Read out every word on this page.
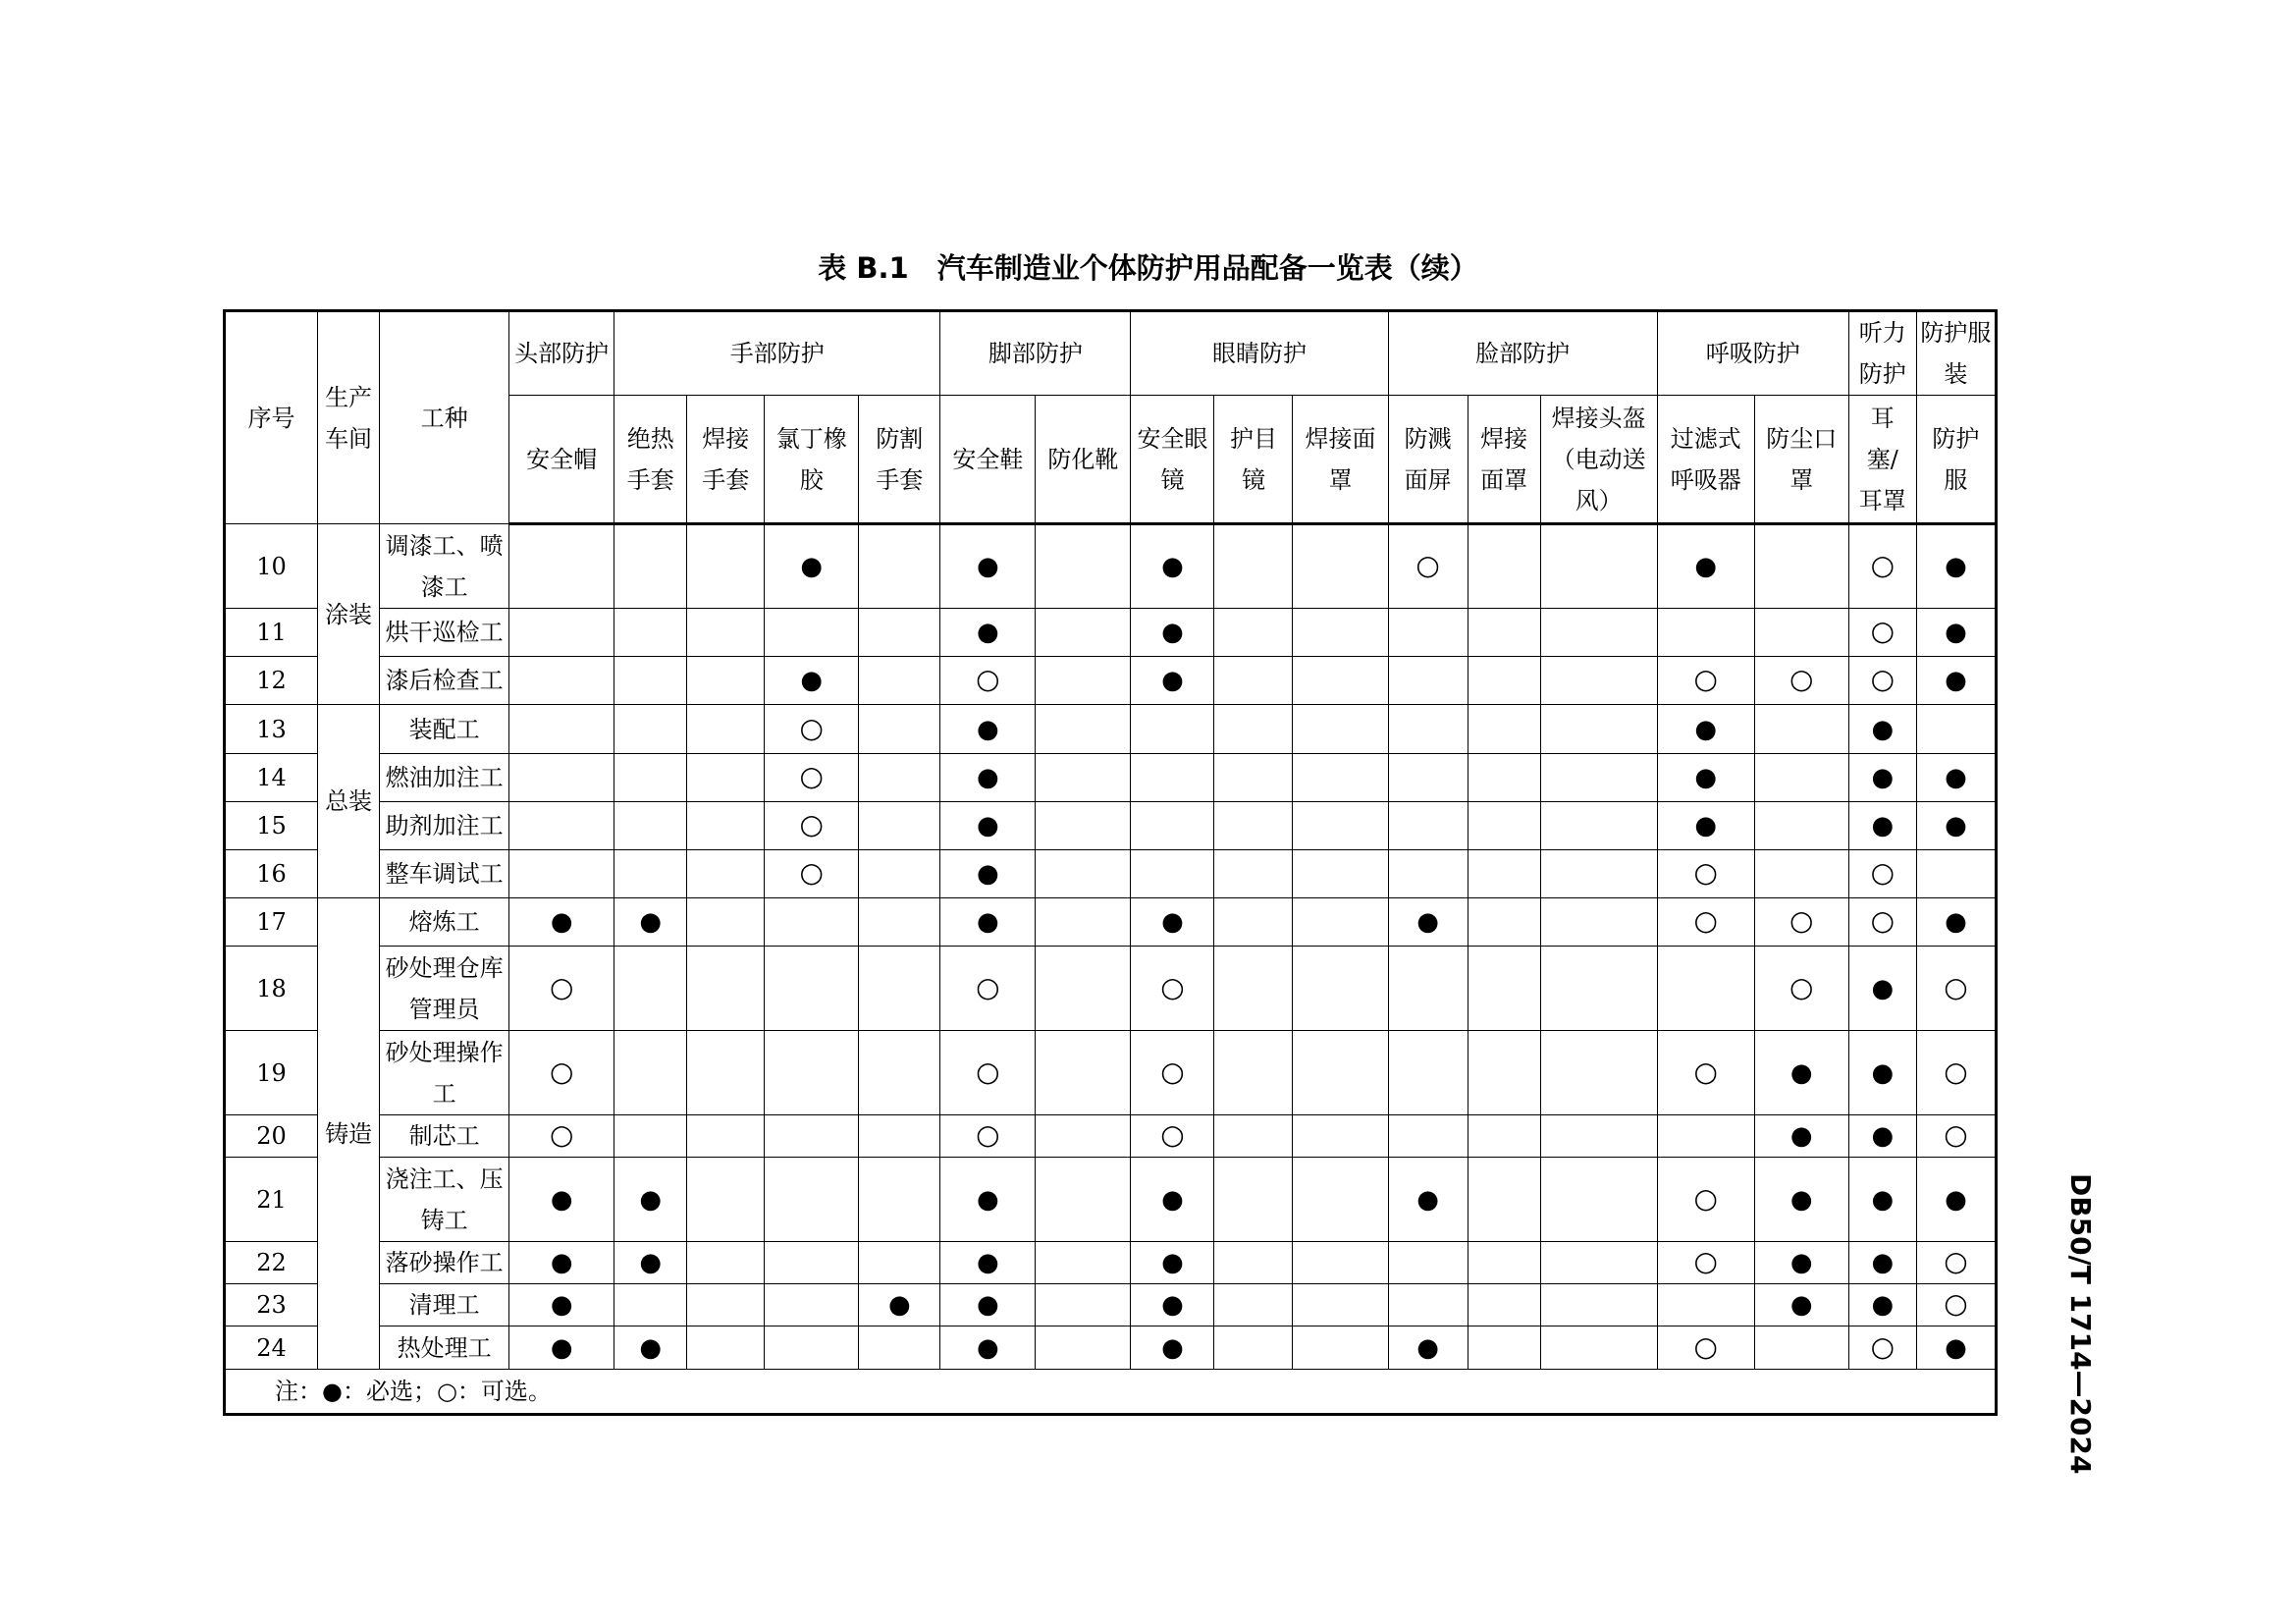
表 B.1　汽车制造业个体防护用品配备一览表（续）
DB50/T 1714—2024
序号	生产车间	工种	头部防护	手部防护				脚部防护		眼睛防护			脸部防护			呼吸防护		听力防护	防护服装
			安全帽	绝热手套	焊接手套	氯丁橡胶	防割手套	安全鞋	防化靴	安全眼镜	护目镜	焊接面罩	防溅面屏	焊接面罩	焊接头盔（电动送风）	过滤式呼吸器	防尘口罩	耳塞/耳罩	防护服
10	涂装	调漆工、喷漆工				●		●		●			○			●		○	●
11		烘干巡检工						●		●								○	●
12		漆后检查工				●		○		●						○	○	○	●
13	总装	装配工				○		●								●		●	
14		燃油加注工				○		●								●		●	●
15		助剂加注工				○		●								●		●	●
16		整车调试工				○		●								○		○	
17	铸造	熔炼工	●	●				●		●			●			○	○	○	●
18		砂处理仓库管理员	○					○		○							○	●	○
19		砂处理操作工	○					○		○						○	●	●	○
20		制芯工	○					○		○							●	●	○
21		浇注工、压铸工	●	●				●		●			●			○	●	●	●
22		落砂操作工	●	●				●		●						○	●	●	○
23		清理工	●				●	●		●							●	●	○
24		热处理工	●	●				●		●			●			○		○	●
注：●：必选；○：可选。																			
